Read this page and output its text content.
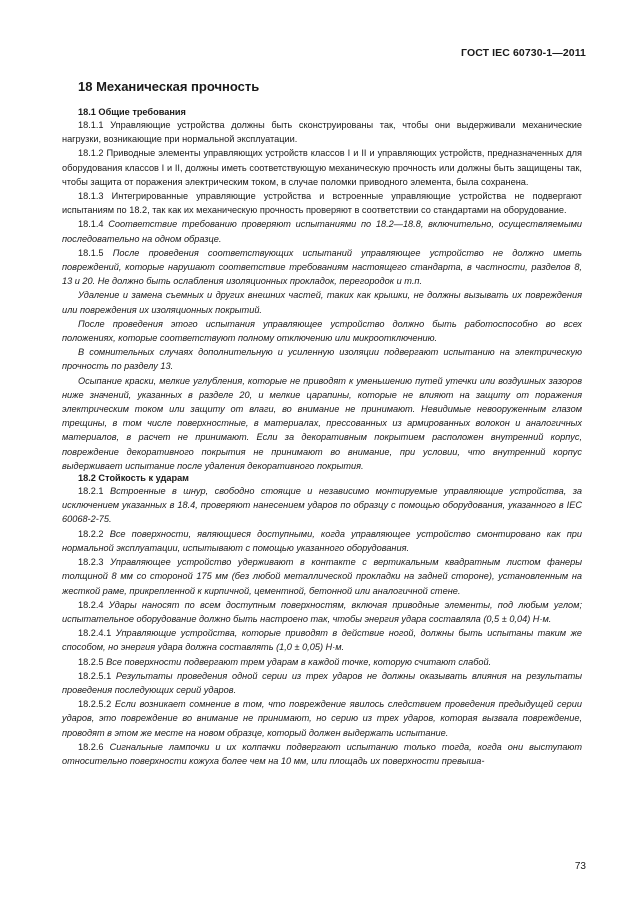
ГОСТ IEC 60730-1—2011
18 Механическая прочность
18.1 Общие требования

18.1.1 Управляющие устройства должны быть сконструированы так, чтобы они выдерживали механические нагрузки, возникающие при нормальной эксплуатации.

18.1.2 Приводные элементы управляющих устройств классов I и II и управляющих устройств, предназначенных для оборудования классов I и II, должны иметь соответствующую механическую прочность или должны быть защищены так, чтобы защита от поражения электрическим током, в случае поломки приводного элемента, была сохранена.

18.1.3 Интегрированные управляющие устройства и встроенные управляющие устройства не подвергают испытаниям по 18.2, так как их механическую прочность проверяют в соответствии со стандартами на оборудование.

18.1.4 Соответствие требованию проверяют испытаниями по 18.2—18.8, включительно, осуществляемыми последовательно на одном образце.

18.1.5 После проведения соответствующих испытаний управляющее устройство не должно иметь повреждений, которые нарушают соответствие требованиям настоящего стандарта, в частности, разделов 8, 13 и 20. Не должно быть ослабления изоляционных прокладок, перегородок и т.п.

Удаление и замена съемных и других внешних частей, таких как крышки, не должны вызывать их повреждения или повреждения их изоляционных покрытий.

После проведения этого испытания управляющее устройство должно быть работоспособно во всех положениях, которые соответствуют полному отключению или микроотключению.

В сомнительных случаях дополнительную и усиленную изоляции подвергают испытанию на электрическую прочность по разделу 13.

Осыпание краски, мелкие углубления, которые не приводят к уменьшению путей утечки или воздушных зазоров ниже значений, указанных в разделе 20, и мелкие царапины, которые не влияют на защиту от поражения электрическим током или защиту от влаги, во внимание не принимают. Невидимые невооруженным глазом трещины, в том числе поверхностные, в материалах, прессованных из армированных волокон и аналогичных материалов, в расчет не принимают. Если за декоративным покрытием расположен внутренний корпус, повреждение декоративного покрытия не принимают во внимание, при условии, что внутренний корпус выдерживает испытание после удаления декоративного покрытия.

18.2 Стойкость к ударам

18.2.1 Встроенные в шнур, свободно стоящие и независимо монтируемые управляющие устройства, за исключением указанных в 18.4, проверяют нанесением ударов по образцу с помощью оборудования, указанного в IEC 60068-2-75.

18.2.2 Все поверхности, являющиеся доступными, когда управляющее устройство смонтировано как при нормальной эксплуатации, испытывают с помощью указанного оборудования.

18.2.3 Управляющее устройство удерживают в контакте с вертикальным квадратным листом фанеры толщиной 8 мм со стороной 175 мм (без любой металлической прокладки на задней стороне), установленным на жесткой раме, прикрепленной к кирпичной, цементной, бетонной или аналогичной стене.

18.2.4 Удары наносят по всем доступным поверхностям, включая приводные элементы, под любым углом; испытательное оборудование должно быть настроено так, чтобы энергия удара составляла (0,5 ± 0,04) Н·м.

18.2.4.1 Управляющие устройства, которые приводят в действие ногой, должны быть испытаны таким же способом, но энергия удара должна составлять (1,0 ± 0,05) Н·м.

18.2.5 Все поверхности подвергают трем ударам в каждой точке, которую считают слабой.

18.2.5.1 Результаты проведения одной серии из трех ударов не должны оказывать влияния на результаты проведения последующих серий ударов.

18.2.5.2 Если возникает сомнение в том, что повреждение явилось следствием проведения предыдущей серии ударов, это повреждение во внимание не принимают, но серию из трех ударов, которая вызвала повреждение, проводят в этом же месте на новом образце, который должен выдержать испытание.

18.2.6 Сигнальные лампочки и их колпачки подвергают испытанию только тогда, когда они выступают относительно поверхности кожуха более чем на 10 мм, или площадь их поверхности превыша-

73
